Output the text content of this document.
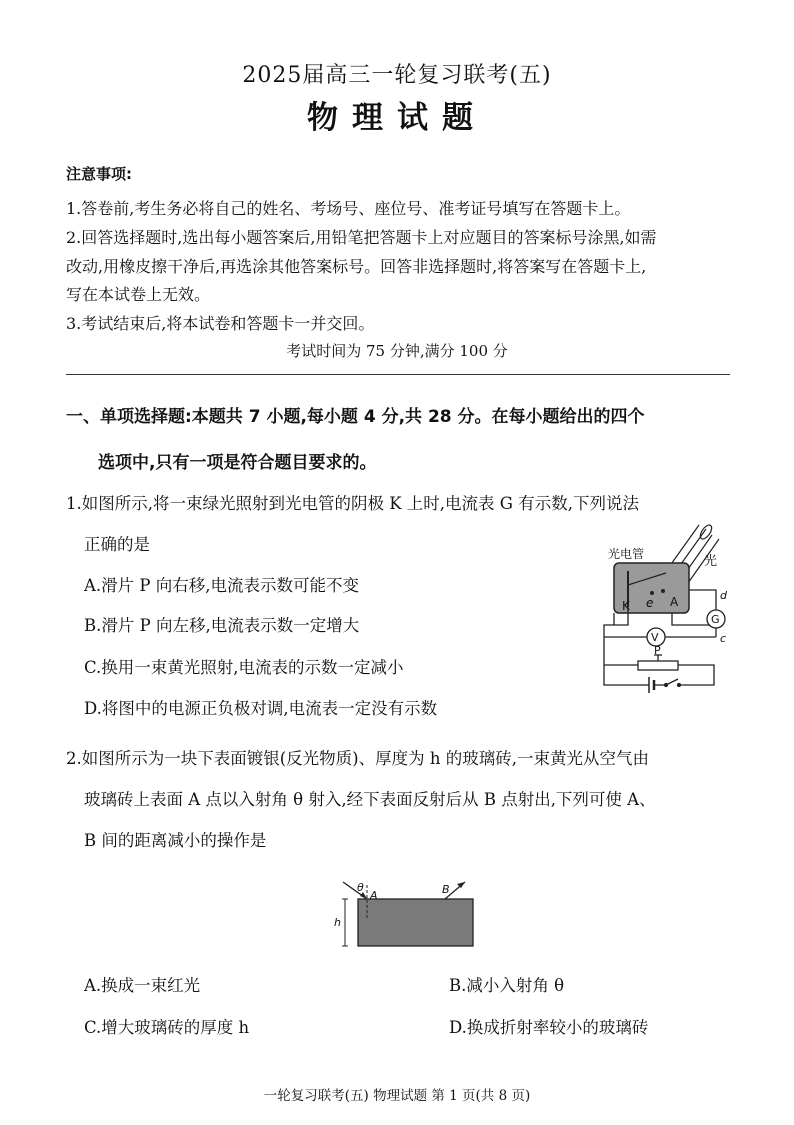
2025届高三一轮复习联考(五)
物理试题
注意事项:
1.答卷前,考生务必将自己的姓名、考场号、座位号、准考证号填写在答题卡上。
2.回答选择题时,选出每小题答案后,用铅笔把答题卡上对应题目的答案标号涂黑,如需
改动,用橡皮擦干净后,再选涂其他答案标号。回答非选择题时,将答案写在答题卡上,
写在本试卷上无效。
3.考试结束后,将本试卷和答题卡一并交回。
考试时间为 75 分钟,满分 100 分
一、单项选择题:本题共 7 小题,每小题 4 分,共 28 分。在每小题给出的四个
选项中,只有一项是符合题目要求的。
1.如图所示,将一束绿光照射到光电管的阴极 K 上时,电流表 G 有示数,下列说法
正确的是
A.滑片 P 向右移,电流表示数可能不变
B.滑片 P 向左移,电流表示数一定增大
C.换用一束黄光照射,电流表的示数一定减小
D.将图中的电源正负极对调,电流表一定没有示数
光电管	光
K e A
G
V
P
c
d
2.如图所示为一块下表面镀银(反光物质)、厚度为 h 的玻璃砖,一束黄光从空气由
玻璃砖上表面 A 点以入射角 θ 射入,经下表面反射后从 B 点射出,下列可使 A、
B 间的距离减小的操作是
θ
A	B
h
A.换成一束红光	B.减小入射角 θ
C.增大玻璃砖的厚度 h	D.换成折射率较小的玻璃砖
一轮复习联考(五) 物理试题 第 1 页(共 8 页)
